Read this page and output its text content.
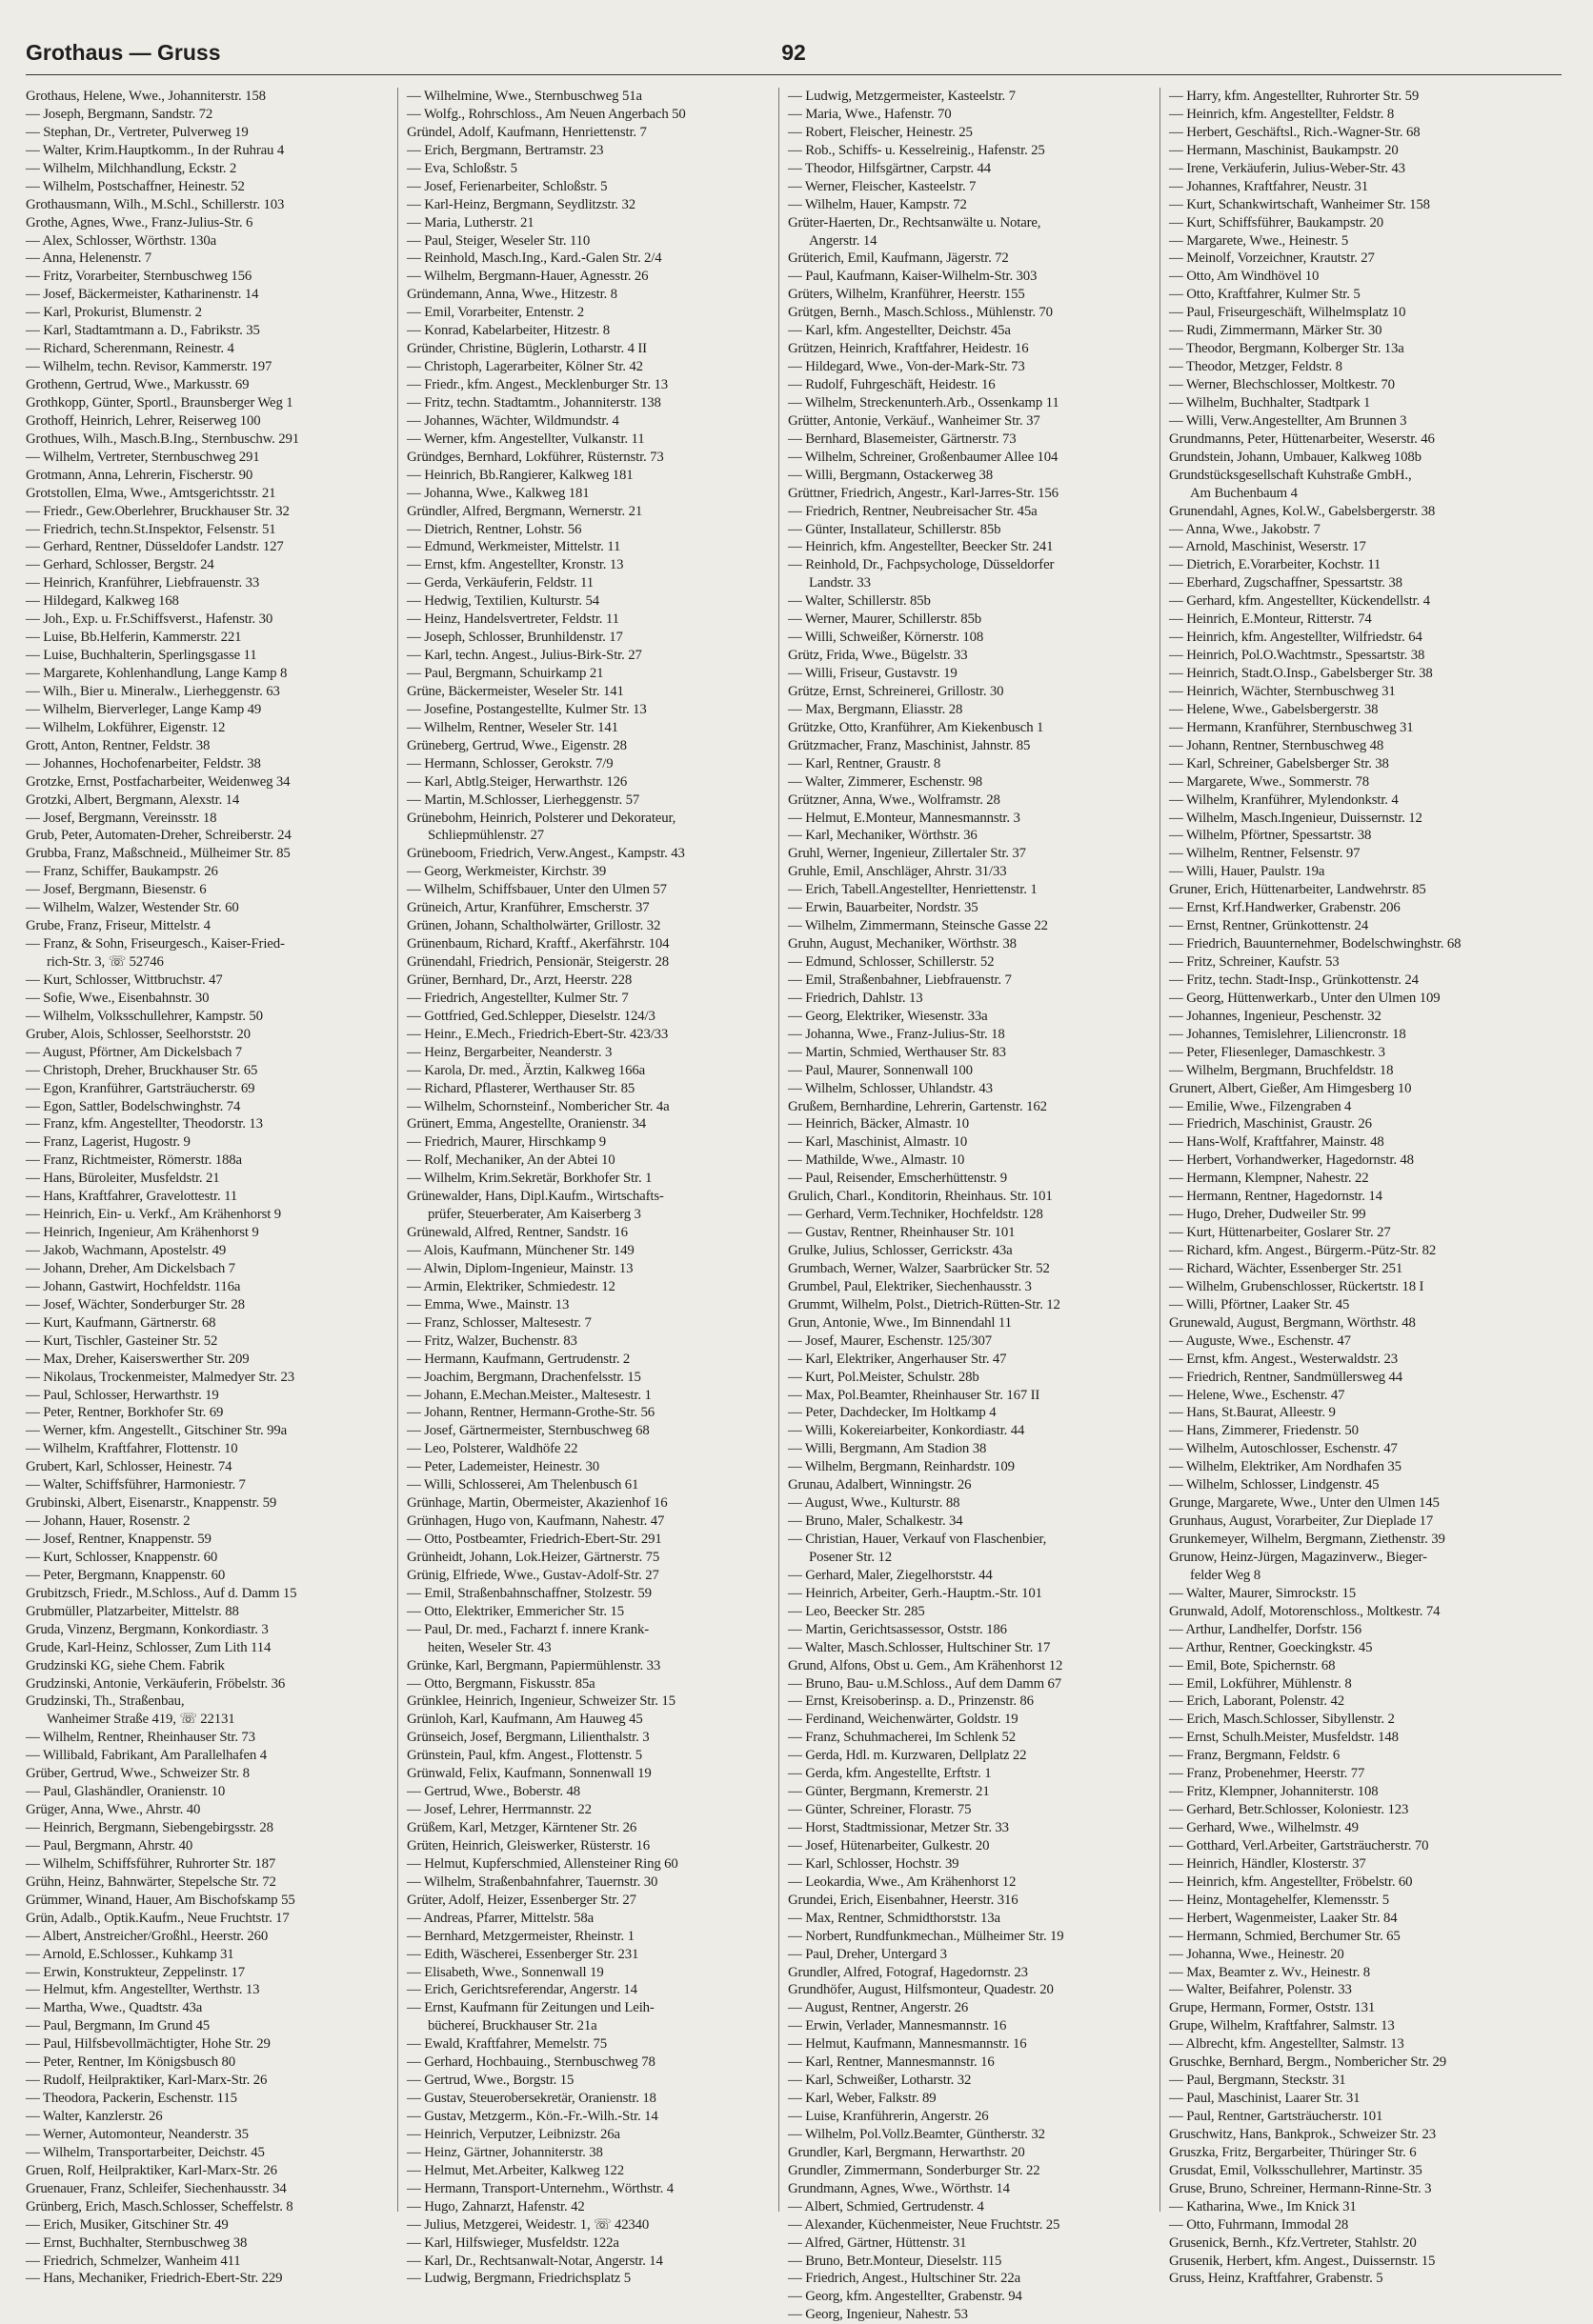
Grothaus — Gruss	92
Grothaus, Helene, Wwe., Johanniterstr. 158
— Joseph, Bergmann, Sandstr. 72
— Stephan, Dr., Vertreter, Pulverweg 19
— Walter, Krim.Hauptkomm., In der Ruhrau 4
— Wilhelm, Milchhandlung, Eckstr. 2
— Wilhelm, Postschaffner, Heinestr. 52
Grothausmann, Wilh., M.Schl., Schillerstr. 103
Grothe, Agnes, Wwe., Franz-Julius-Str. 6
— Alex, Schlosser, Wörthstr. 130a
— Anna, Helenenstr. 7
— Fritz, Vorarbeiter, Sternbuschweg 156
— Josef, Bäckermeister, Katharinenstr. 14
— Karl, Prokurist, Blumenstr. 2
— Karl, Stadtamtmann a. D., Fabrikstr. 35
— Richard, Scherenmann, Reinestr. 4
— Wilhelm, techn. Revisor, Kammerstr. 197
Grothenn, Gertrud, Wwe., Markusstr. 69
Grothkopp, Günter, Sportl., Braunsberger Weg 1
Grothoff, Heinrich, Lehrer, Reiserweg 100
Grothues, Wilh., Masch.B.Ing., Sternbuschw. 291
— Wilhelm, Vertreter, Sternbuschweg 291
Grotmann, Anna, Lehrerin, Fischerstr. 90
Grotstollen, Elma, Wwe., Amtsgerichtsstr. 21
— Friedr., Gew.Oberlehrer, Bruckhauser Str. 32
— Friedrich, techn.St.Inspektor, Felsenstr. 51
— Gerhard, Rentner, Düsseldofer Landstr. 127
— Gerhard, Schlosser, Bergstr. 24
— Heinrich, Kranführer, Liebfrauenstr. 33
— Hildegard, Kalkweg 168
— Joh., Exp. u. Fr.Schiffsverst., Hafenstr. 30
— Luise, Bb.Helferin, Kammerstr. 221
— Luise, Buchhalterin, Sperlingsgasse 11
— Margarete, Kohlenhandlung, Lange Kamp 8
— Wilh., Bier u. Mineralw., Lierheggenstr. 63
— Wilhelm, Bierverleger, Lange Kamp 49
— Wilhelm, Lokführer, Eigenstr. 12
Grott, Anton, Rentner, Feldstr. 38
— Johannes, Hochofenarbeiter, Feldstr. 38
Grotzke, Ernst, Postfacharbeiter, Weidenweg 34
Grotzki, Albert, Bergmann, Alexstr. 14
— Josef, Bergmann, Vereinsstr. 18
Grub, Peter, Automaten-Dreher, Schreiberstr. 24
Grubba, Franz, Maßschneid., Mülheimer Str. 85
— Franz, Schiffer, Baukampstr. 26
— Josef, Bergmann, Biesenstr. 6
— Wilhelm, Walzer, Westender Str. 60
Grube, Franz, Friseur, Mittelstr. 4
— Franz, & Sohn, Friseurgesch., Kaiser-Fried-
rich-Str. 3, ☏ 52746
— Kurt, Schlosser, Wittbruchstr. 47
— Sofie, Wwe., Eisenbahnstr. 30
— Wilhelm, Volksschullehrer, Kampstr. 50
Gruber, Alois, Schlosser, Seelhorststr. 20
— August, Pförtner, Am Dickelsbach 7
— Christoph, Dreher, Bruckhauser Str. 65
— Egon, Kranführer, Gartsträucherstr. 69
— Egon, Sattler, Bodelschwinghstr. 74
— Franz, kfm. Angestellter, Theodorstr. 13
— Franz, Lagerist, Hugostr. 9
— Franz, Richtmeister, Römerstr. 188a
— Hans, Büroleiter, Musfeldstr. 21
— Hans, Kraftfahrer, Gravelottestr. 11
— Heinrich, Ein- u. Verkf., Am Krähenhorst 9
— Heinrich, Ingenieur, Am Krähenhorst 9
— Jakob, Wachmann, Apostelstr. 49
— Johann, Dreher, Am Dickelsbach 7
— Johann, Gastwirt, Hochfeldstr. 116a
— Josef, Wächter, Sonderburger Str. 28
— Kurt, Kaufmann, Gärtnerstr. 68
— Kurt, Tischler, Gasteiner Str. 52
— Max, Dreher, Kaiserswerther Str. 209
— Nikolaus, Trockenmeister, Malmedyer Str. 23
— Paul, Schlosser, Herwarthstr. 19
— Peter, Rentner, Borkhofer Str. 69
— Werner, kfm. Angestellt., Gitschiner Str. 99a
— Wilhelm, Kraftfahrer, Flottenstr. 10
Grubert, Karl, Schlosser, Heinestr. 74
— Walter, Schiffsführer, Harmoniestr. 7
Grubinski, Albert, Eisenarstr., Knappenstr. 59
— Johann, Hauer, Rosenstr. 2
— Josef, Rentner, Knappenstr. 59
— Kurt, Schlosser, Knappenstr. 60
— Peter, Bergmann, Knappenstr. 60
Grubitzsch, Friedr., M.Schloss., Auf d. Damm 15
Grubmüller, Platzarbeiter, Mittelstr. 88
Gruda, Vinzenz, Bergmann, Konkordiastr. 3
Grude, Karl-Heinz, Schlosser, Zum Lith 114
Grudzinski KG, siehe Chem. Fabrik
Grudzinski, Antonie, Verkäuferin, Fröbelstr. 36
Grudzinski, Th., Straßenbau,
Wanheimer Straße 419, ☏ 22131
— Wilhelm, Rentner, Rheinhauser Str. 73
— Willibald, Fabrikant, Am Parallelhafen 4
Grüber, Gertrud, Wwe., Schweizer Str. 8
— Paul, Glashändler, Oranienstr. 10
Grüger, Anna, Wwe., Ahrstr. 40
— Heinrich, Bergmann, Siebengebirgsstr. 28
— Paul, Bergmann, Ahrstr. 40
— Wilhelm, Schiffsführer, Ruhrorter Str. 187
Grühn, Heinz, Bahnwärter, Stepelsche Str. 72
Grümmer, Winand, Hauer, Am Bischofskamp 55
Grün, Adalb., Optik.Kaufm., Neue Fruchtstr. 17
— Albert, Anstreicher/Großhl., Heerstr. 260
— Arnold, E.Schlosser., Kuhkamp 31
— Erwin, Konstrukteur, Zeppelinstr. 17
— Helmut, kfm. Angestellter, Werthstr. 13
— Martha, Wwe., Quadtstr. 43a
— Paul, Bergmann, Im Grund 45
— Paul, Hilfsbevollmächtigter, Hohe Str. 29
— Peter, Rentner, Im Königsbusch 80
— Rudolf, Heilpraktiker, Karl-Marx-Str. 26
— Theodora, Packerin, Eschenstr. 115
— Walter, Kanzlerstr. 26
— Werner, Automonteur, Neanderstr. 35
— Wilhelm, Transportarbeiter, Deichstr. 45
Gruen, Rolf, Heilpraktiker, Karl-Marx-Str. 26
Gruenauer, Franz, Schleifer, Siechenhausstr. 34
Grünberg, Erich, Masch.Schlosser, Scheffelstr. 8
— Erich, Musiker, Gitschiner Str. 49
— Ernst, Buchhalter, Sternbuschweg 38
— Friedrich, Schmelzer, Wanheim 411
— Hans, Mechaniker, Friedrich-Ebert-Str. 229
— Wilhelmine, Wwe., Sternbuschweg 51a
— Wolfg., Rohrschloss., Am Neuen Angerbach 50
Gründel, Adolf, Kaufmann, Henriettenstr. 7
— Erich, Bergmann, Bertramstr. 23
— Eva, Schloßstr. 5
— Josef, Ferienarbeiter, Schloßstr. 5
— Karl-Heinz, Bergmann, Seydlitzstr. 32
— Maria, Lutherstr. 21
— Paul, Steiger, Weseler Str. 110
— Reinhold, Masch.Ing., Kard.-Galen Str. 2/4
— Wilhelm, Bergmann-Hauer, Agnesstr. 26
Gründemann, Anna, Wwe., Hitzestr. 8
— Emil, Vorarbeiter, Entenstr. 2
— Konrad, Kabelarbeiter, Hitzestr. 8
Gründer, Christine, Büglerin, Lotharstr. 4 II
— Christoph, Lagerarbeiter, Kölner Str. 42
— Friedr., kfm. Angest., Mecklenburger Str. 13
— Fritz, techn. Stadtamtm., Johanniterstr. 138
— Johannes, Wächter, Wildmundstr. 4
— Werner, kfm. Angestellter, Vulkanstr. 11
Gründges, Bernhard, Lokführer, Rüsternstr. 73
— Heinrich, Bb.Rangierer, Kalkweg 181
— Johanna, Wwe., Kalkweg 181
Gründler, Alfred, Bergmann, Wernerstr. 21
— Dietrich, Rentner, Lohstr. 56
— Edmund, Werkmeister, Mittelstr. 11
— Ernst, kfm. Angestellter, Kronstr. 13
— Gerda, Verkäuferin, Feldstr. 11
— Hedwig, Textilien, Kulturstr. 54
— Heinz, Handelsvertreter, Feldstr. 11
— Joseph, Schlosser, Brunhildenstr. 17
— Karl, techn. Angest., Julius-Birk-Str. 27
— Paul, Bergmann, Schuirkamp 21
Grüne, Bäckermeister, Weseler Str. 141
— Josefine, Postangestellte, Kulmer Str. 13
— Wilhelm, Rentner, Weseler Str. 141
Grüneberg, Gertrud, Wwe., Eigenstr. 28
— Hermann, Schlosser, Gerokstr. 7/9
— Karl, Abtlg.Steiger, Herwarthstr. 126
— Martin, M.Schlosser, Lierheggenstr. 57
Grünebohm, Heinrich, Polsterer und Dekorateur,
Schliepmühlenstr. 27
Grüneboom, Friedrich, Verw.Angest., Kampstr. 43
— Georg, Werkmeister, Kirchstr. 39
— Wilhelm, Schiffsbauer, Unter den Ulmen 57
Grüneich, Artur, Kranführer, Emscherstr. 37
Grünen, Johann, Schaltholwärter, Grillostr. 32
Grünenbaum, Richard, Kraftf., Akerfährstr. 104
Grünendahl, Friedrich, Pensionär, Steigerstr. 28
Grüner, Bernhard, Dr., Arzt, Heerstr. 228
— Friedrich, Angestellter, Kulmer Str. 7
— Gottfried, Ged.Schlepper, Dieselstr. 124/3
— Heinr., E.Mech., Friedrich-Ebert-Str. 423/33
— Heinz, Bergarbeiter, Neanderstr. 3
— Karola, Dr. med., Ärztin, Kalkweg 166a
— Richard, Pflasterer, Werthauser Str. 85
— Wilhelm, Schornsteinf., Nombericher Str. 4a
Grünert, Emma, Angestellte, Oranienstr. 34
— Friedrich, Maurer, Hirschkamp 9
— Rolf, Mechaniker, An der Abtei 10
— Wilhelm, Krim.Sekretär, Borkhofer Str. 1
Grünewalder, Hans, Dipl.Kaufm., Wirtschafts-
prüfer, Steuerberater, Am Kaiserberg 3
Grünewald, Alfred, Rentner, Sandstr. 16
— Alois, Kaufmann, Münchener Str. 149
— Alwin, Diplom-Ingenieur, Mainstr. 13
— Armin, Elektriker, Schmiedestr. 12
— Emma, Wwe., Mainstr. 13
— Franz, Schlosser, Maltesestr. 7
— Fritz, Walzer, Buchenstr. 83
— Hermann, Kaufmann, Gertrudenstr. 2
— Joachim, Bergmann, Drachenfelsstr. 15
— Johann, E.Mechan.Meister., Maltesestr. 1
— Johann, Rentner, Hermann-Grothe-Str. 56
— Josef, Gärtnermeister, Sternbuschweg 68
— Leo, Polsterer, Waldhöfe 22
— Peter, Lademeister, Heinestr. 30
— Willi, Schlosserei, Am Thelenbusch 61
Grünhage, Martin, Obermeister, Akazienhof 16
Grünhagen, Hugo von, Kaufmann, Nahestr. 47
— Otto, Postbeamter, Friedrich-Ebert-Str. 291
Grünheidt, Johann, Lok.Heizer, Gärtnerstr. 75
Grünig, Elfriede, Wwe., Gustav-Adolf-Str. 27
— Emil, Straßenbahnschaffner, Stolzestr. 59
— Otto, Elektriker, Emmericher Str. 15
— Paul, Dr. med., Facharzt f. innere Krank-
heiten, Weseler Str. 43
Grünke, Karl, Bergmann, Papiermühlenstr. 33
— Otto, Bergmann, Fiskusstr. 85a
Grünklee, Heinrich, Ingenieur, Schweizer Str. 15
Grünloh, Karl, Kaufmann, Am Hauweg 45
Grünseich, Josef, Bergmann, Lilienthalstr. 3
Grünstein, Paul, kfm. Angest., Flottenstr. 5
Grünwald, Felix, Kaufmann, Sonnenwall 19
— Gertrud, Wwe., Boberstr. 48
— Josef, Lehrer, Herrmannstr. 22
Grüßem, Karl, Metzger, Kärntener Str. 26
Grüten, Heinrich, Gleiswerker, Rüsterstr. 16
— Helmut, Kupferschmied, Allensteiner Ring 60
— Wilhelm, Straßenbahnfahrer, Tauernstr. 30
Grüter, Adolf, Heizer, Essenberger Str. 27
— Andreas, Pfarrer, Mittelstr. 58a
— Bernhard, Metzgermeister, Rheinstr. 1
— Edith, Wäscherei, Essenberger Str. 231
— Elisabeth, Wwe., Sonnenwall 19
— Erich, Gerichtsreferendar, Angerstr. 14
— Ernst, Kaufmann für Zeitungen und Leih-
büchereí, Bruckhauser Str. 21a
— Ewald, Kraftfahrer, Memelstr. 75
— Gerhard, Hochbauing., Sternbuschweg 78
— Gertrud, Wwe., Borgstr. 15
— Gustav, Steuerobersekretär, Oranienstr. 18
— Gustav, Metzgerm., Kön.-Fr.-Wilh.-Str. 14
— Heinrich, Verputzer, Leibnizstr. 26a
— Heinz, Gärtner, Johanniterstr. 38
— Helmut, Met.Arbeiter, Kalkweg 122
— Hermann, Transport-Unternehm., Wörthstr. 4
— Hugo, Zahnarzt, Hafenstr. 42
— Julius, Metzgerei, Weidestr. 1, ☏ 42340
— Karl, Hilfswieger, Musfeldstr. 122a
— Karl, Dr., Rechtsanwalt-Notar, Angerstr. 14
— Ludwig, Bergmann, Friedrichsplatz 5
— Ludwig, Metzgermeister, Kasteelstr. 7
— Maria, Wwe., Hafenstr. 70
— Robert, Fleischer, Heinestr. 25
— Rob., Schiffs- u. Kesselreinig., Hafenstr. 25
— Theodor, Hilfsgärtner, Carpstr. 44
— Werner, Fleischer, Kasteelstr. 7
— Wilhelm, Hauer, Kampstr. 72
Grüter-Haerten, Dr., Rechtsanwälte u. Notare,
Angerstr. 14
Grüterich, Emil, Kaufmann, Jägerstr. 72
— Paul, Kaufmann, Kaiser-Wilhelm-Str. 303
Grüters, Wilhelm, Kranführer, Heerstr. 155
Grütgen, Bernh., Masch.Schloss., Mühlenstr. 70
— Karl, kfm. Angestellter, Deichstr. 45a
Grützen, Heinrich, Kraftfahrer, Heidestr. 16
— Hildegard, Wwe., Von-der-Mark-Str. 73
— Rudolf, Fuhrgeschäft, Heidestr. 16
— Wilhelm, Streckenunterh.Arb., Ossenkamp 11
Grütter, Antonie, Verkäuf., Wanheimer Str. 37
— Bernhard, Blasemeister, Gärtnerstr. 73
— Wilhelm, Schreiner, Großenbaumer Allee 104
— Willi, Bergmann, Ostackerweg 38
Grüttner, Friedrich, Angestr., Karl-Jarres-Str. 156
— Friedrich, Rentner, Neubreisacher Str. 45a
— Günter, Installateur, Schillerstr. 85b
— Heinrich, kfm. Angestellter, Beecker Str. 241
— Reinhold, Dr., Fachpsychologe, Düsseldorfer
Landstr. 33
— Walter, Schillerstr. 85b
— Werner, Maurer, Schillerstr. 85b
— Willi, Schweißer, Körnerstr. 108
Grütz, Frida, Wwe., Bügelstr. 33
— Willi, Friseur, Gustavstr. 19
Grütze, Ernst, Schreinerei, Grillostr. 30
— Max, Bergmann, Eliasstr. 28
Grützke, Otto, Kranführer, Am Kiekenbusch 1
Grützmacher, Franz, Maschinist, Jahnstr. 85
— Karl, Rentner, Graustr. 8
— Walter, Zimmerer, Eschenstr. 98
Grützner, Anna, Wwe., Wolframstr. 28
— Helmut, E.Monteur, Mannesmannstr. 3
— Karl, Mechaniker, Wörthstr. 36
Gruhl, Werner, Ingenieur, Zillertaler Str. 37
Gruhle, Emil, Anschläger, Ahrstr. 31/33
— Erich, Tabell.Angestellter, Henriettenstr. 1
— Erwin, Bauarbeiter, Nordstr. 35
— Wilhelm, Zimmermann, Steinsche Gasse 22
Gruhn, August, Mechaniker, Wörthstr. 38
— Edmund, Schlosser, Schillerstr. 52
— Emil, Straßenbahner, Liebfrauenstr. 7
— Friedrich, Dahlstr. 13
— Georg, Elektriker, Wiesenstr. 33a
— Johanna, Wwe., Franz-Julius-Str. 18
— Martin, Schmied, Werthauser Str. 83
— Paul, Maurer, Sonnenwall 100
— Wilhelm, Schlosser, Uhlandstr. 43
Grußem, Bernhardine, Lehrerin, Gartenstr. 162
— Heinrich, Bäcker, Almastr. 10
— Karl, Maschinist, Almastr. 10
— Mathilde, Wwe., Almastr. 10
— Paul, Reisender, Emscherhüttenstr. 9
Grulich, Charl., Konditorin, Rheinhaus. Str. 101
— Gerhard, Verm.Techniker, Hochfeldstr. 128
— Gustav, Rentner, Rheinhauser Str. 101
Grulke, Julius, Schlosser, Gerrickstr. 43a
Grumbach, Werner, Walzer, Saarbrücker Str. 52
Grumbel, Paul, Elektriker, Siechenhausstr. 3
Grummt, Wilhelm, Polst., Dietrich-Rütten-Str. 12
Grun, Antonie, Wwe., Im Binnendahl 11
— Josef, Maurer, Eschenstr. 125/307
— Karl, Elektriker, Angerhauser Str. 47
— Kurt, Pol.Meister, Schulstr. 28b
— Max, Pol.Beamter, Rheinhauser Str. 167 II
— Peter, Dachdecker, Im Holtkamp 4
— Willi, Kokereiarbeiter, Konkordiastr. 44
— Willi, Bergmann, Am Stadion 38
— Wilhelm, Bergmann, Reinhardstr. 109
Grunau, Adalbert, Winningstr. 26
— August, Wwe., Kulturstr. 88
— Bruno, Maler, Schalkestr. 34
— Christian, Hauer, Verkauf von Flaschenbier,
Posener Str. 12
— Gerhard, Maler, Ziegelhorststr. 44
— Heinrich, Arbeiter, Gerh.-Hauptm.-Str. 101
— Leo, Beecker Str. 285
— Martin, Gerichtsassessor, Oststr. 186
— Walter, Masch.Schlosser, Hultschiner Str. 17
Grund, Alfons, Obst u. Gem., Am Krähenhorst 12
— Bruno, Bau- u.M.Schloss., Auf dem Damm 67
— Ernst, Kreisoberinsp. a. D., Prinzenstr. 86
— Ferdinand, Weichenwärter, Goldstr. 19
— Franz, Schuhmacherei, Im Schlenk 52
— Gerda, Hdl. m. Kurzwaren, Dellplatz 22
— Gerda, kfm. Angestellte, Erftstr. 1
— Günter, Bergmann, Kremerstr. 21
— Günter, Schreiner, Florastr. 75
— Horst, Stadtmissionar, Metzer Str. 33
— Josef, Hütenarbeiter, Gulkestr. 20
— Karl, Schlosser, Hochstr. 39
— Leokardia, Wwe., Am Krähenhorst 12
Grundei, Erich, Eisenbahner, Heerstr. 316
— Max, Rentner, Schmidthorststr. 13a
— Norbert, Rundfunkmechan., Mülheimer Str. 19
— Paul, Dreher, Untergard 3
Grundler, Alfred, Fotograf, Hagedornstr. 23
Grundhöfer, August, Hilfsmonteur, Quadestr. 20
— August, Rentner, Angerstr. 26
— Erwin, Verlader, Mannesmannstr. 16
— Helmut, Kaufmann, Mannesmannstr. 16
— Karl, Rentner, Mannesmannstr. 16
— Karl, Schweißer, Lotharstr. 32
— Karl, Weber, Falkstr. 89
— Luise, Kranführerin, Angerstr. 26
— Wilhelm, Pol.Vollz.Beamter, Güntherstr. 32
Grundler, Karl, Bergmann, Herwarthstr. 20
Grundler, Zimmermann, Sonderburger Str. 22
Grundmann, Agnes, Wwe., Wörthstr. 14
— Albert, Schmied, Gertrudenstr. 4
— Alexander, Küchenmeister, Neue Fruchtstr. 25
— Alfred, Gärtner, Hüttenstr. 31
— Bruno, Betr.Monteur, Dieselstr. 115
— Friedrich, Angest., Hultschiner Str. 22a
— Georg, kfm. Angestellter, Grabenstr. 94
— Georg, Ingenieur, Nahestr. 53
— Harry, kfm. Angestellter, Ruhrorter Str. 59
— Heinrich, kfm. Angestellter, Feldstr. 8
— Herbert, Geschäftsl., Rich.-Wagner-Str. 68
— Hermann, Maschinist, Baukampstr. 20
— Irene, Verkäuferin, Julius-Weber-Str. 43
— Johannes, Kraftfahrer, Neustr. 31
— Kurt, Schankwirtschaft, Wanheimer Str. 158
— Kurt, Schiffsführer, Baukampstr. 20
— Margarete, Wwe., Heinestr. 5
— Meinolf, Vorzeichner, Krautstr. 27
— Otto, Am Windhövel 10
— Otto, Kraftfahrer, Kulmer Str. 5
— Paul, Friseurgeschäft, Wilhelmsplatz 10
— Rudi, Zimmermann, Märker Str. 30
— Theodor, Bergmann, Kolberger Str. 13a
— Theodor, Metzger, Feldstr. 8
— Werner, Blechschlosser, Moltkestr. 70
— Wilhelm, Buchhalter, Stadtpark 1
— Willi, Verw.Angestellter, Am Brunnen 3
Grundmanns, Peter, Hüttenarbeiter, Weserstr. 46
Grundstein, Johann, Umbauer, Kalkweg 108b
Grundstücksgesellschaft Kuhstraße GmbH.,
Am Buchenbaum 4
Grunendahl, Agnes, Kol.W., Gabelsbergerstr. 38
— Anna, Wwe., Jakobstr. 7
— Arnold, Maschinist, Weserstr. 17
— Dietrich, E.Vorarbeiter, Kochstr. 11
— Eberhard, Zugschaffner, Spessartstr. 38
— Gerhard, kfm. Angestellter, Kückendellstr. 4
— Heinrich, E.Monteur, Ritterstr. 74
— Heinrich, kfm. Angestellter, Wilfriedstr. 64
— Heinrich, Pol.O.Wachtmstr., Spessartstr. 38
— Heinrich, Stadt.O.Insp., Gabelsberger Str. 38
— Heinrich, Wächter, Sternbuschweg 31
— Helene, Wwe., Gabelsbergerstr. 38
— Hermann, Kranführer, Sternbuschweg 31
— Johann, Rentner, Sternbuschweg 48
— Karl, Schreiner, Gabelsberger Str. 38
— Margarete, Wwe., Sommerstr. 78
— Wilhelm, Kranführer, Mylendonkstr. 4
— Wilhelm, Masch.Ingenieur, Duissernstr. 12
— Wilhelm, Pförtner, Spessartstr. 38
— Wilhelm, Rentner, Felsenstr. 97
— Willi, Hauer, Paulstr. 19a
Gruner, Erich, Hüttenarbeiter, Landwehrstr. 85
— Ernst, Krf.Handwerker, Grabenstr. 206
— Ernst, Rentner, Grünkottenstr. 24
— Friedrich, Bauunternehmer, Bodelschwinghstr. 68
— Fritz, Schreiner, Kaufstr. 53
— Fritz, techn. Stadt-Insp., Grünkottenstr. 24
— Georg, Hüttenwerkarb., Unter den Ulmen 109
— Johannes, Ingenieur, Peschenstr. 32
— Johannes, Temislehrer, Liliencronstr. 18
— Peter, Fliesenleger, Damaschkestr. 3
— Wilhelm, Bergmann, Bruchfeldstr. 18
Grunert, Albert, Gießer, Am Himgesberg 10
— Emilie, Wwe., Filzengraben 4
— Friedrich, Maschinist, Graustr. 26
— Hans-Wolf, Kraftfahrer, Mainstr. 48
— Herbert, Vorhandwerker, Hagedornstr. 48
— Hermann, Klempner, Nahestr. 22
— Hermann, Rentner, Hagedornstr. 14
— Hugo, Dreher, Dudweiler Str. 99
— Kurt, Hüttenarbeiter, Goslarer Str. 27
— Richard, kfm. Angest., Bürgerm.-Pütz-Str. 82
— Richard, Wächter, Essenberger Str. 251
— Wilhelm, Grubenschlosser, Rückertstr. 18 I
— Willi, Pförtner, Laaker Str. 45
Grunewald, August, Bergmann, Wörthstr. 48
— Auguste, Wwe., Eschenstr. 47
— Ernst, kfm. Angest., Westerwaldstr. 23
— Friedrich, Rentner, Sandmüllersweg 44
— Helene, Wwe., Eschenstr. 47
— Hans, St.Baurat, Alleestr. 9
— Hans, Zimmerer, Friedenstr. 50
— Wilhelm, Autoschlosser, Eschenstr. 47
— Wilhelm, Elektriker, Am Nordhafen 35
— Wilhelm, Schlosser, Lindgenstr. 45
Grunge, Margarete, Wwe., Unter den Ulmen 145
Grunhaus, August, Vorarbeiter, Zur Dieplade 17
Grunkemeyer, Wilhelm, Bergmann, Ziethenstr. 39
Grunow, Heinz-Jürgen, Magazinverw., Bieger-
felder Weg 8
— Walter, Maurer, Simrockstr. 15
Grunwald, Adolf, Motorenschloss., Moltkestr. 74
— Arthur, Landhelfer, Dorfstr. 156
— Arthur, Rentner, Goeckingkstr. 45
— Emil, Bote, Spichernstr. 68
— Emil, Lokführer, Mühlenstr. 8
— Erich, Laborant, Polenstr. 42
— Erich, Masch.Schlosser, Sibyllenstr. 2
— Ernst, Schulh.Meister, Musfeldstr. 148
— Franz, Bergmann, Feldstr. 6
— Franz, Probenehmer, Heerstr. 77
— Fritz, Klempner, Johanniterstr. 108
— Gerhard, Betr.Schlosser, Koloniestr. 123
— Gerhard, Wwe., Wilhelmstr. 49
— Gotthard, Verl.Arbeiter, Gartsträucherstr. 70
— Heinrich, Händler, Klosterstr. 37
— Heinrich, kfm. Angestellter, Fröbelstr. 60
— Heinz, Montagehelfer, Klemensstr. 5
— Herbert, Wagenmeister, Laaker Str. 84
— Hermann, Schmied, Berchumer Str. 65
— Johanna, Wwe., Heinestr. 20
— Max, Beamter z. Wv., Heinestr. 8
— Walter, Beifahrer, Polenstr. 33
Grupe, Hermann, Former, Oststr. 131
Grupe, Wilhelm, Kraftfahrer, Salmstr. 13
— Albrecht, kfm. Angestellter, Salmstr. 13
Gruschke, Bernhard, Bergm., Nombericher Str. 29
— Paul, Bergmann, Steckstr. 31
— Paul, Maschinist, Laarer Str. 31
— Paul, Rentner, Gartsträucherstr. 101
Gruschwitz, Hans, Bankprok., Schweizer Str. 23
Gruszka, Fritz, Bergarbeiter, Thüringer Str. 6
Grusdat, Emil, Volksschullehrer, Martinstr. 35
Gruse, Bruno, Schreiner, Hermann-Rinne-Str. 3
— Katharina, Wwe., Im Knick 31
— Otto, Fuhrmann, Immodal 28
Grusenick, Bernh., Kfz.Vertreter, Stahlstr. 20
Grusenik, Herbert, kfm. Angest., Duissernstr. 15
Gruss, Heinz, Kraftfahrer, Grabenstr. 5
